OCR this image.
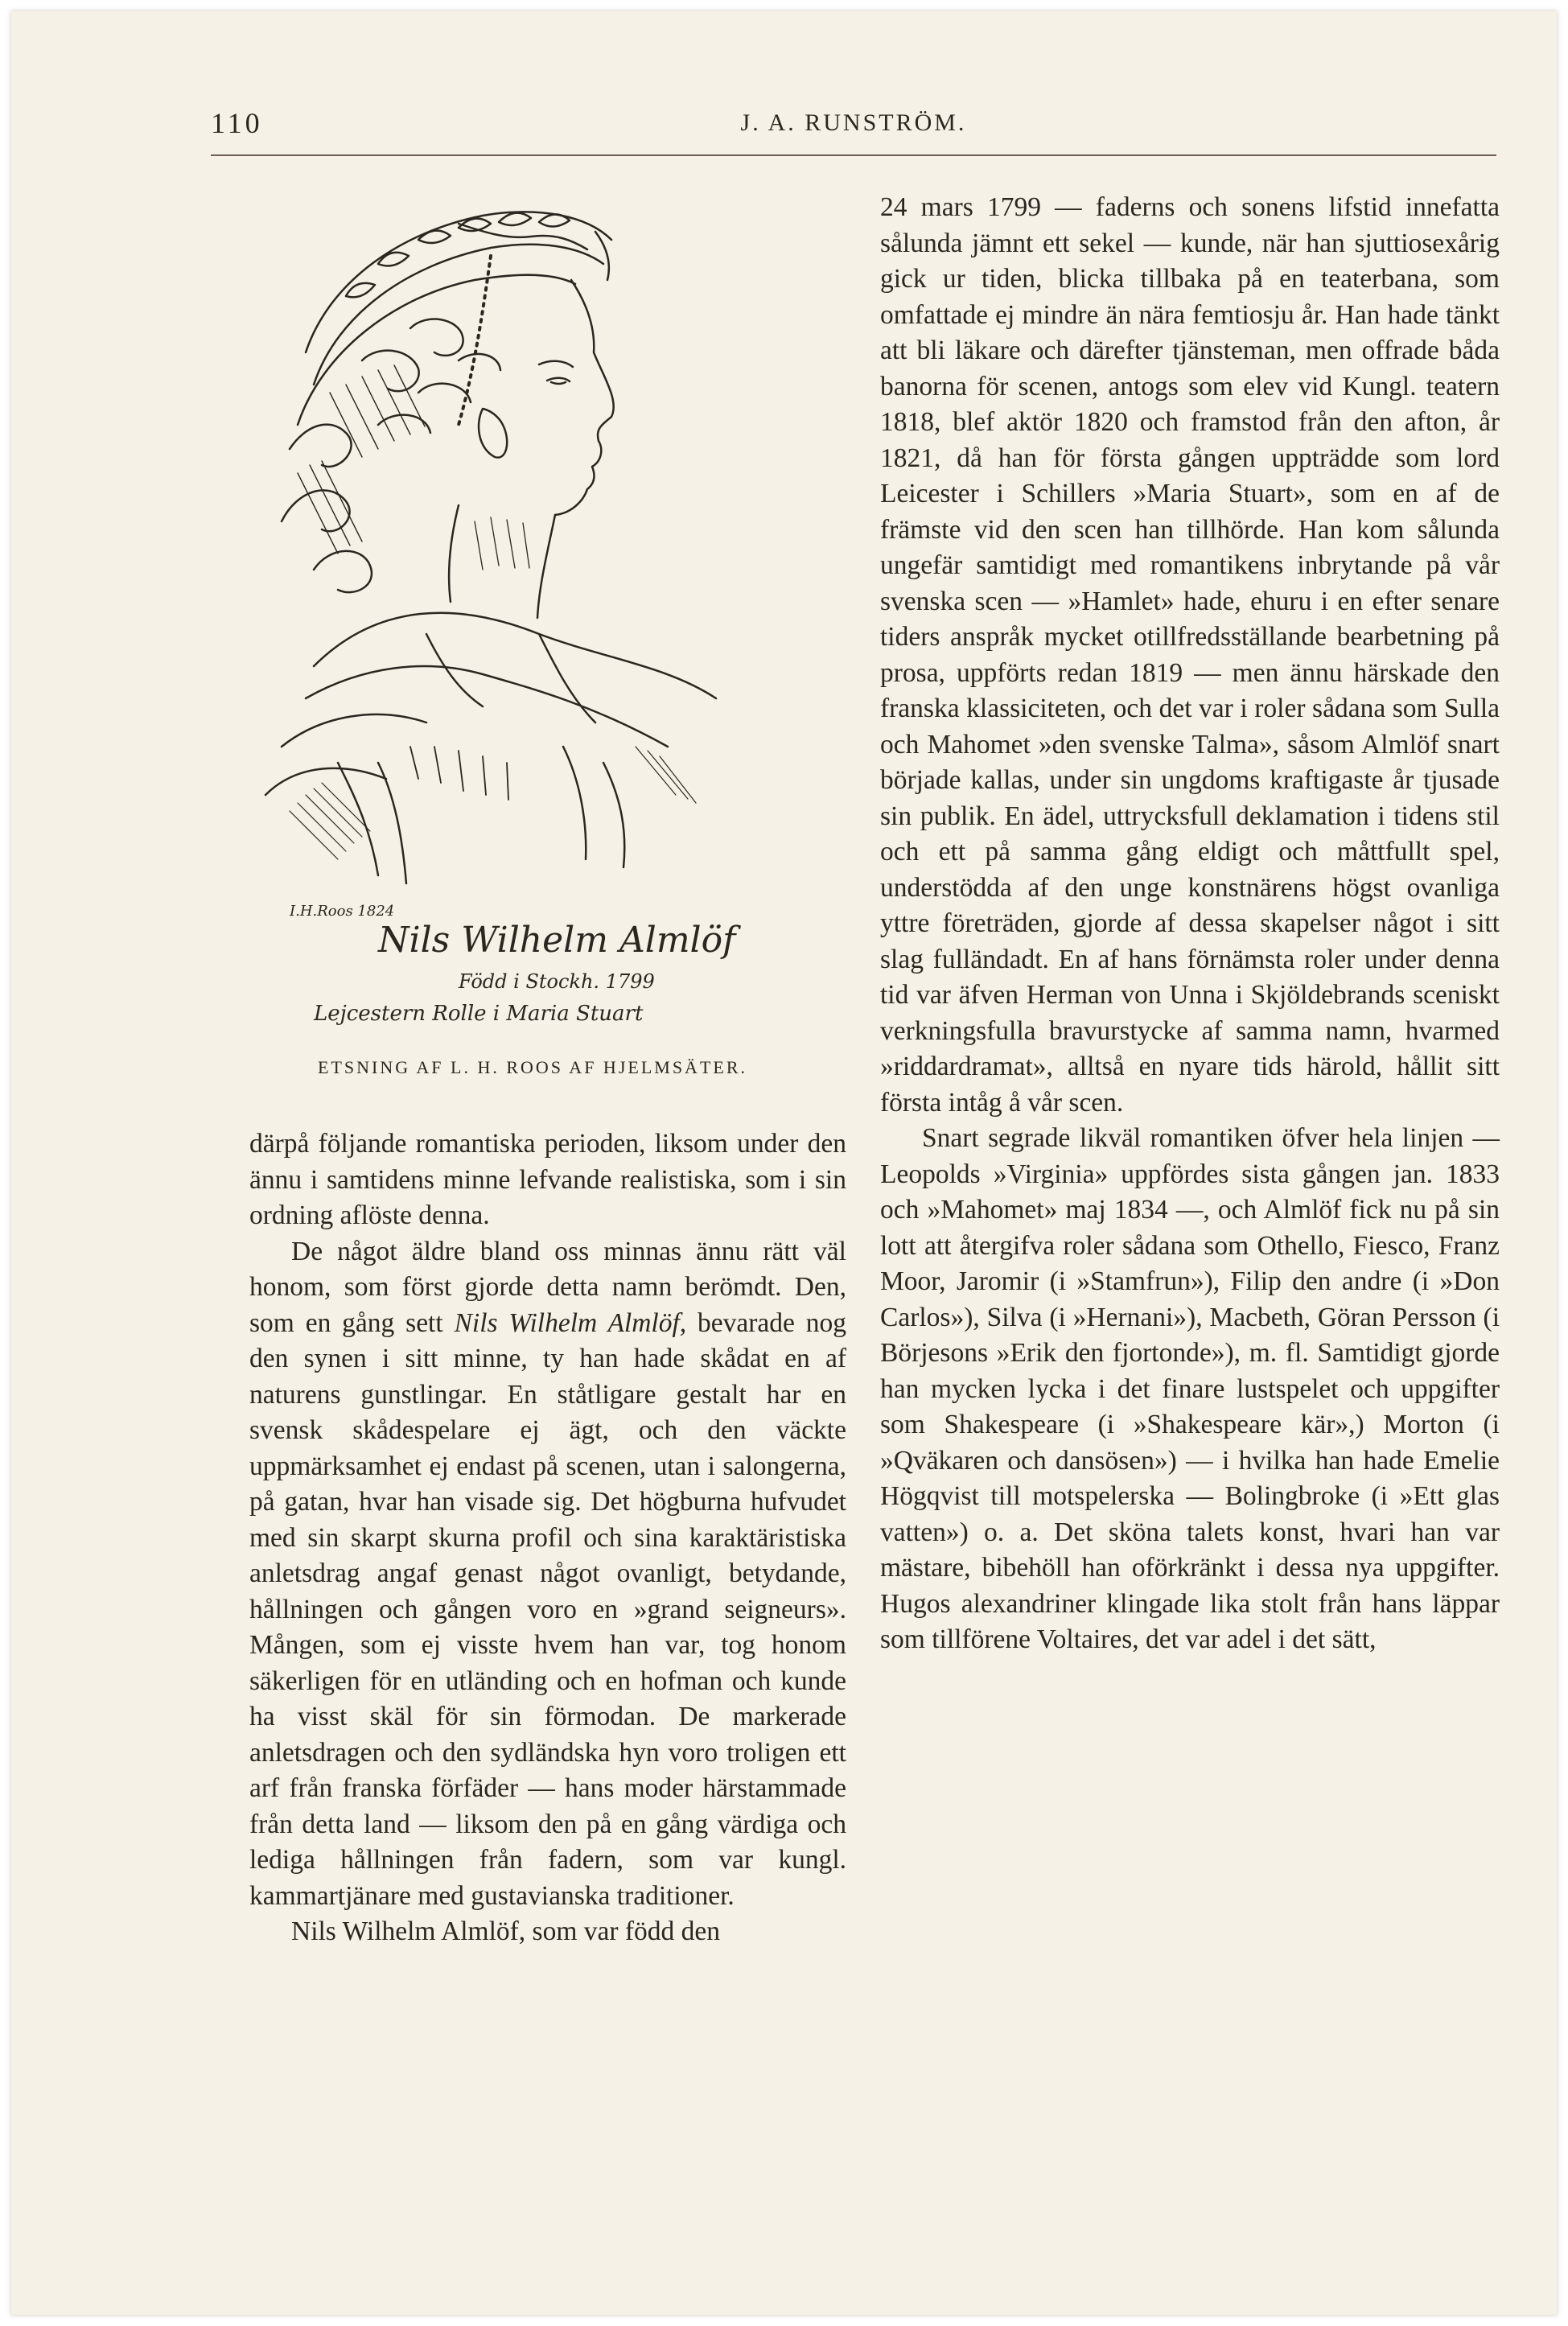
110	J. A. RUNSTRÖM.
I.H.Roos 1824
Nils Wilhelm Almlöf
Född i Stockh. 1799
Lejcestern Rolle i Maria Stuart
ETSNING AF L. H. ROOS AF HJELMSÄTER.

därpå följande romantiska perioden, liksom under den ännu i samtidens minne lefvande realistiska, som i sin ordning aflöste denna.

De något äldre bland oss minnas ännu rätt väl honom, som först gjorde detta namn berömdt. Den, som en gång sett Nils Wilhelm Almlöf, bevarade nog den synen i sitt minne, ty han hade skådat en af naturens gunstlingar. En ståtligare gestalt har en svensk skådespelare ej ägt, och den väckte uppmärksamhet ej endast på scenen, utan i salongerna, på gatan, hvar han visade sig. Det högburna hufvudet med sin skarpt skurna profil och sina karaktäristiska anletsdrag angaf genast något ovanligt, betydande, hållningen och gången voro en »grand seigneurs». Mången, som ej visste hvem han var, tog honom säkerligen för en utländing och en hofman och kunde ha visst skäl för sin förmodan. De markerade anletsdragen och den sydländska hyn voro troligen ett arf från franska förfäder — hans moder härstammade från detta land — liksom den på en gång värdiga och lediga hållningen från fadern, som var kungl. kammartjänare med gustavianska traditioner.

Nils Wilhelm Almlöf, som var född den

24 mars 1799 — faderns och sonens lifstid innefatta sålunda jämnt ett sekel — kunde, när han sjuttiosexårig gick ur tiden, blicka tillbaka på en teaterbana, som omfattade ej mindre än nära femtiosju år. Han hade tänkt att bli läkare och därefter tjänsteman, men offrade båda banorna för scenen, antogs som elev vid Kungl. teatern 1818, blef aktör 1820 och framstod från den afton, år 1821, då han för första gången uppträdde som lord Leicester i Schillers »Maria Stuart», som en af de främste vid den scen han tillhörde. Han kom sålunda ungefär samtidigt med romantikens inbrytande på vår svenska scen — »Hamlet» hade, ehuru i en efter senare tiders anspråk mycket otillfredsställande bearbetning på prosa, uppförts redan 1819 — men ännu härskade den franska klassiciteten, och det var i roler sådana som Sulla och Mahomet »den svenske Talma», såsom Almlöf snart började kallas, under sin ungdoms kraftigaste år tjusade sin publik. En ädel, uttrycksfull deklamation i tidens stil och ett på samma gång eldigt och måttfullt spel, understödda af den unge konstnärens högst ovanliga yttre företräden, gjorde af dessa skapelser något i sitt slag fulländadt. En af hans förnämsta roler under denna tid var äfven Herman von Unna i Skjöldebrands sceniskt verkningsfulla bravurstycke af samma namn, hvarmed »riddardramat», alltså en nyare tids härold, hållit sitt första intåg å vår scen.

Snart segrade likväl romantiken öfver hela linjen — Leopolds »Virginia» uppfördes sista gången jan. 1833 och »Mahomet» maj 1834 —, och Almlöf fick nu på sin lott att återgifva roler sådana som Othello, Fiesco, Franz Moor, Jaromir (i »Stamfrun»), Filip den andre (i »Don Carlos»), Silva (i »Hernani»), Macbeth, Göran Persson (i Börjesons »Erik den fjortonde»), m. fl. Samtidigt gjorde han mycken lycka i det finare lustspelet och uppgifter som Shakespeare (i »Shakespeare kär»,) Morton (i »Qväkaren och dansösen») — i hvilka han hade Emelie Högqvist till motspelerska — Bolingbroke (i »Ett glas vatten») o. a. Det sköna talets konst, hvari han var mästare, bibehöll han oförkränkt i dessa nya uppgifter. Hugos alexandriner klingade lika stolt från hans läppar som tillförene Voltaires, det var adel i det sätt,
